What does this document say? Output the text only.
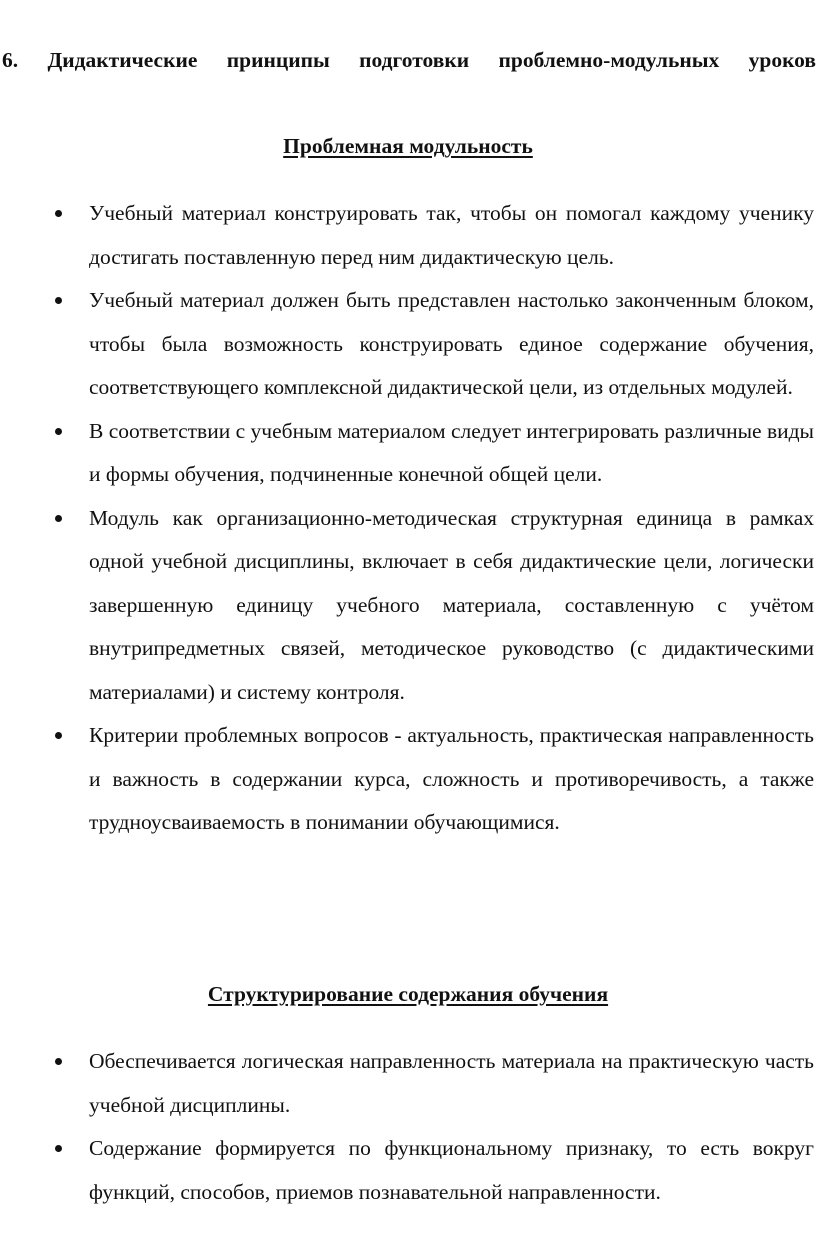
6. Дидактические принципы подготовки проблемно-модульных уроков
Проблемная модульность
Учебный материал конструировать так, чтобы он помогал каждому ученику достигать поставленную перед ним дидактическую цель.
Учебный материал должен быть представлен настолько законченным блоком, чтобы была возможность конструировать единое содержание обучения, соответствующего комплексной дидактической цели, из отдельных модулей.
В соответствии с учебным материалом следует интегрировать различные виды и формы обучения, подчиненные конечной общей цели.
Модуль как организационно-методическая структурная единица в рамках одной учебной дисциплины, включает в себя дидактические цели, логически завершенную единицу учебного материала, составленную с учётом внутрипредметных связей, методическое руководство (с дидактическими материалами) и систему контроля.
Критерии проблемных вопросов - актуальность, практическая направленность и важность в содержании курса, сложность и противоречивость, а также трудноусваиваемость в понимании обучающимися.
Структурирование содержания обучения
Обеспечивается логическая направленность материала на практическую часть учебной дисциплины.
Содержание формируется по функциональному признаку, то есть вокруг функций, способов, приемов познавательной направленности.
